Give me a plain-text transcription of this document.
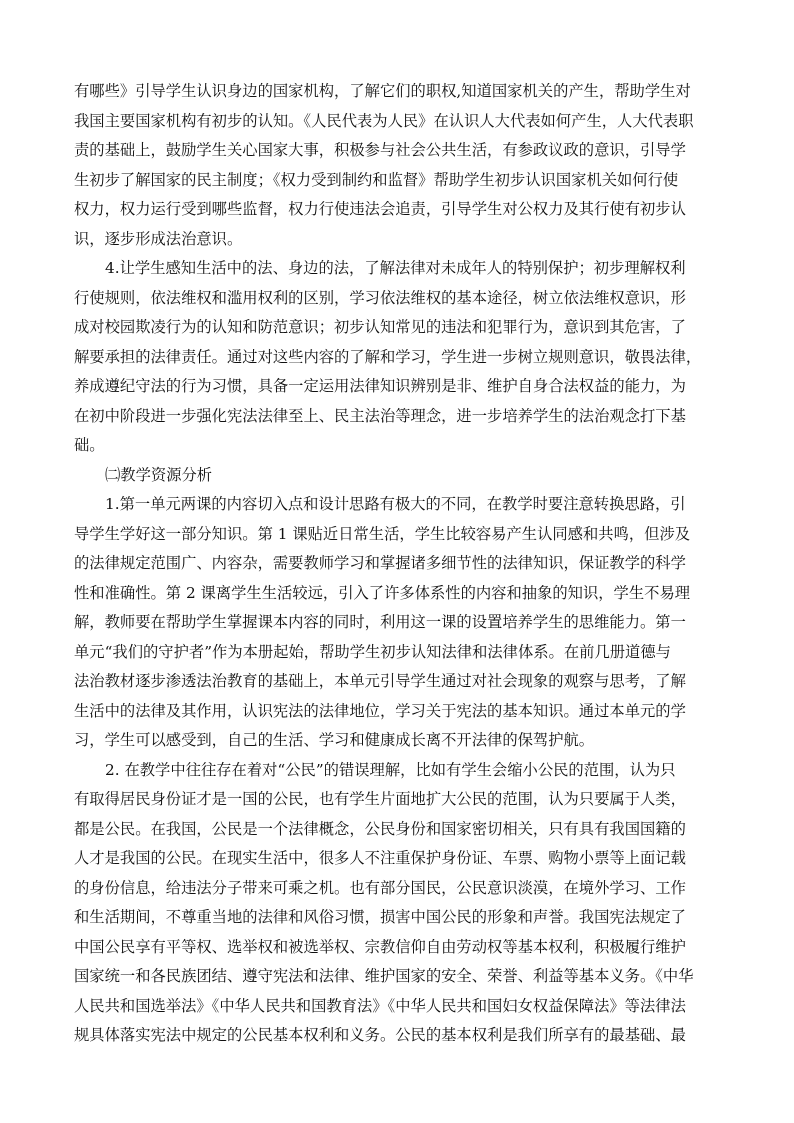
有哪些》引导学生认识身边的国家机构，了解它们的职权,知道国家机关的产生，帮助学生对
我国主要国家机构有初步的认知。《人民代表为人民》在认识人大代表如何产生，人大代表职
责的基础上，鼓励学生关心国家大事，积极参与社会公共生活，有参政议政的意识，引导学
生初步了解国家的民主制度；《权力受到制约和监督》帮助学生初步认识国家机关如何行使
权力，权力运行受到哪些监督，权力行使违法会追责，引导学生对公权力及其行使有初步认
识，逐步形成法治意识。
4.让学生感知生活中的法、身边的法，了解法律对未成年人的特别保护；初步理解权利
行使规则，依法维权和滥用权利的区别，学习依法维权的基本途径，树立依法维权意识，形
成对校园欺凌行为的认知和防范意识；初步认知常见的违法和犯罪行为，意识到其危害，了
解要承担的法律责任。通过对这些内容的了解和学习，学生进一步树立规则意识，敬畏法律，
养成遵纪守法的行为习惯，具备一定运用法律知识辨别是非、维护自身合法权益的能力，为
在初中阶段进一步强化宪法法律至上、民主法治等理念，进一步培养学生的法治观念打下基
础。
㈡教学资源分析
1.第一单元两课的内容切入点和设计思路有极大的不同，在教学时要注意转换思路，引
导学生学好这一部分知识。第 1 课贴近日常生活，学生比较容易产生认同感和共鸣，但涉及
的法律规定范围广、内容杂，需要教师学习和掌握诸多细节性的法律知识，保证教学的科学
性和准确性。第 2 课离学生生活较远，引入了许多体系性的内容和抽象的知识，学生不易理
解，教师要在帮助学生掌握课本内容的同时，利用这一课的设置培养学生的思维能力。第一
单元“我们的守护者”作为本册起始，帮助学生初步认知法律和法律体系。在前几册道德与
法治教材逐步渗透法治教育的基础上，本单元引导学生通过对社会现象的观察与思考，了解
生活中的法律及其作用，认识宪法的法律地位，学习关于宪法的基本知识。通过本单元的学
习，学生可以感受到，自己的生活、学习和健康成长离不开法律的保驾护航。
2. 在教学中往往存在着对“公民”的错误理解，比如有学生会缩小公民的范围，认为只
有取得居民身份证才是一国的公民，也有学生片面地扩大公民的范围，认为只要属于人类，
都是公民。在我国，公民是一个法律概念，公民身份和国家密切相关，只有具有我国国籍的
人才是我国的公民。在现实生活中，很多人不注重保护身份证、车票、购物小票等上面记载
的身份信息，给违法分子带来可乘之机。也有部分国民，公民意识淡漠，在境外学习、工作
和生活期间，不尊重当地的法律和风俗习惯，损害中国公民的形象和声誉。我国宪法规定了
中国公民享有平等权、选举权和被选举权、宗教信仰自由劳动权等基本权利，积极履行维护
国家统一和各民族团结、遵守宪法和法律、维护国家的安全、荣誉、利益等基本义务。《中华
人民共和国选举法》《中华人民共和国教育法》《中华人民共和国妇女权益保障法》等法律法
规具体落实宪法中规定的公民基本权利和义务。公民的基本权利是我们所享有的最基础、最
